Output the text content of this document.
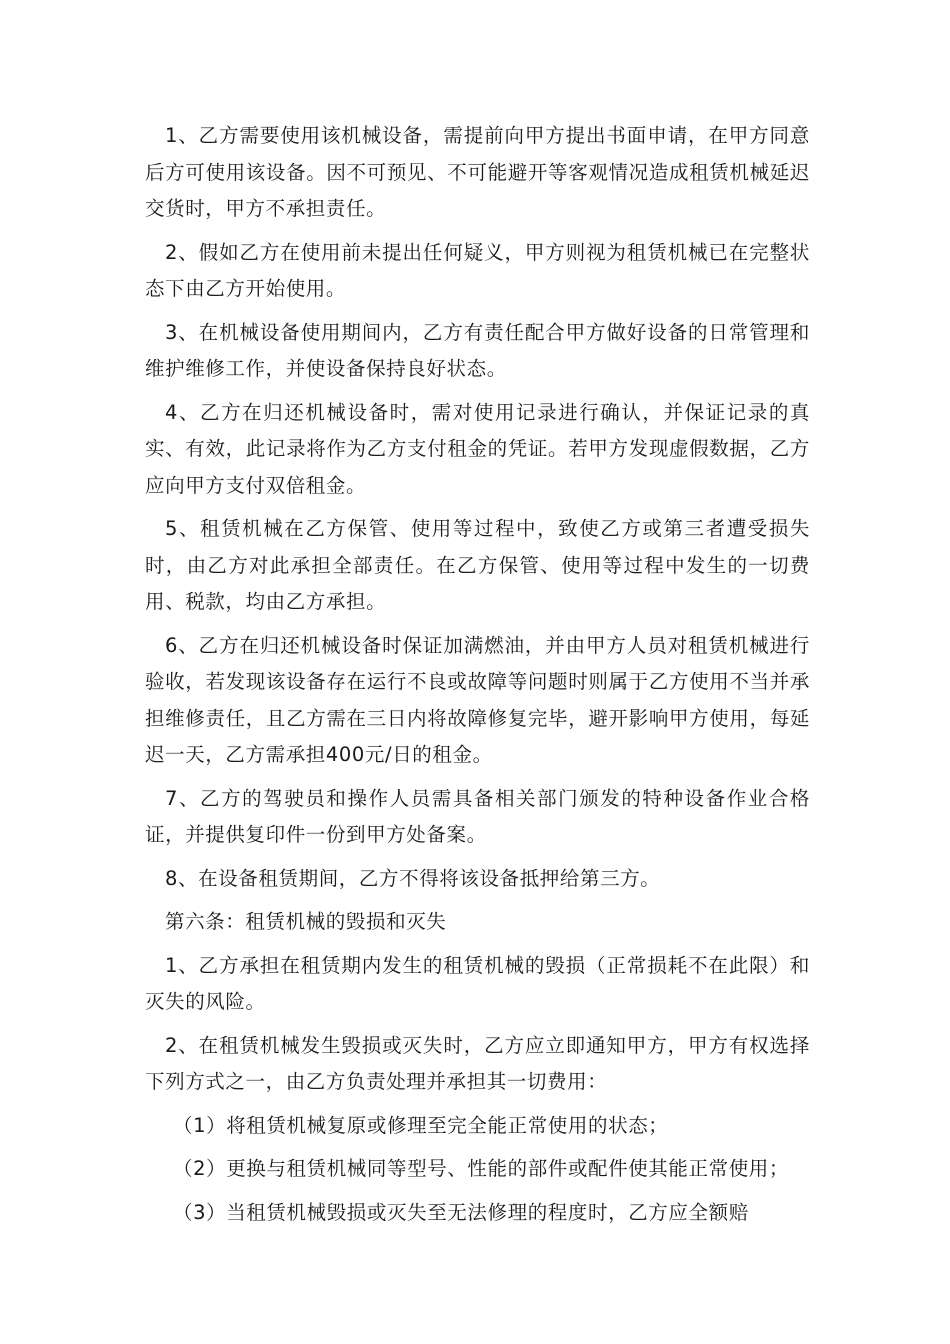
1、乙方需要使用该机械设备，需提前向甲方提出书面申请，在甲方同意后方可使用该设备。因不可预见、不可能避开等客观情况造成租赁机械延迟交货时，甲方不承担责任。

2、假如乙方在使用前未提出任何疑义，甲方则视为租赁机械已在完整状态下由乙方开始使用。

3、在机械设备使用期间内，乙方有责任配合甲方做好设备的日常管理和维护维修工作，并使设备保持良好状态。

4、乙方在归还机械设备时，需对使用记录进行确认，并保证记录的真实、有效，此记录将作为乙方支付租金的凭证。若甲方发现虚假数据，乙方应向甲方支付双倍租金。

5、租赁机械在乙方保管、使用等过程中，致使乙方或第三者遭受损失时，由乙方对此承担全部责任。在乙方保管、使用等过程中发生的一切费用、税款，均由乙方承担。

6、乙方在归还机械设备时保证加满燃油，并由甲方人员对租赁机械进行验收，若发现该设备存在运行不良或故障等问题时则属于乙方使用不当并承担维修责任，且乙方需在三日内将故障修复完毕，避开影响甲方使用，每延迟一天，乙方需承担400元/日的租金。

7、乙方的驾驶员和操作人员需具备相关部门颁发的特种设备作业合格证，并提供复印件一份到甲方处备案。

8、在设备租赁期间，乙方不得将该设备抵押给第三方。

第六条：租赁机械的毁损和灭失

1、乙方承担在租赁期内发生的租赁机械的毁损（正常损耗不在此限）和灭失的风险。

2、在租赁机械发生毁损或灭失时，乙方应立即通知甲方，甲方有权选择下列方式之一，由乙方负责处理并承担其一切费用：

（1）将租赁机械复原或修理至完全能正常使用的状态；

（2）更换与租赁机械同等型号、性能的部件或配件使其能正常使用；

（3）当租赁机械毁损或灭失至无法修理的程度时，乙方应全额赔
